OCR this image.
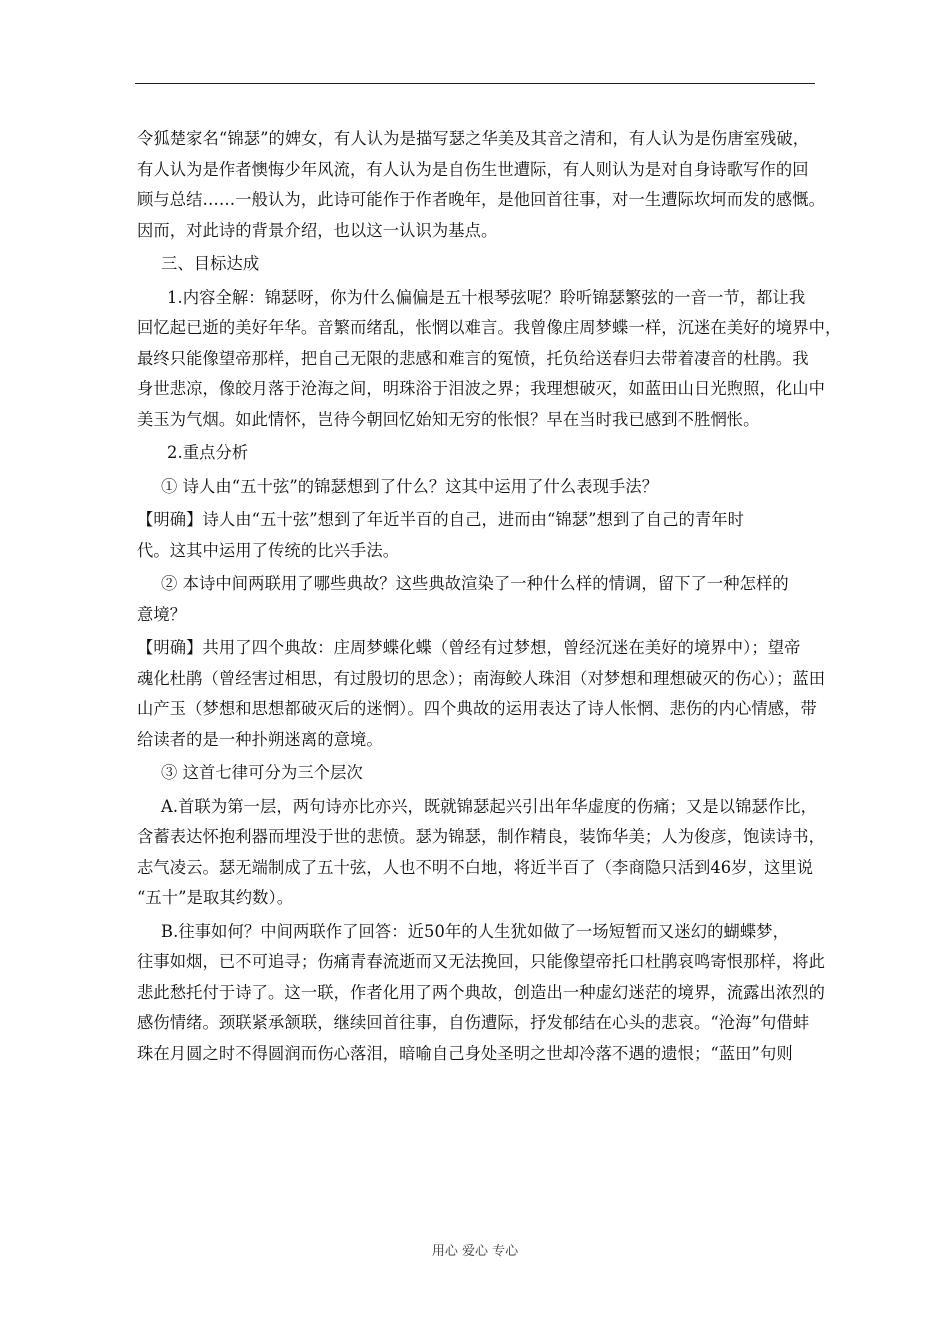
令狐楚家名“锦瑟”的婢女，有人认为是描写瑟之华美及其音之清和，有人认为是伤唐室残破，
有人认为是作者懊悔少年风流，有人认为是自伤生世遭际，有人则认为是对自身诗歌写作的回
顾与总结……一般认为，此诗可能作于作者晚年，是他回首往事，对一生遭际坎坷而发的感慨。
因而，对此诗的背景介绍，也以这一认识为基点。
三、目标达成
1.内容全解：锦瑟呀，你为什么偏偏是五十根琴弦呢？聆听锦瑟繁弦的一音一节，都让我
回忆起已逝的美好年华。音繁而绪乱，怅惘以难言。我曾像庄周梦蝶一样，沉迷在美好的境界中，
最终只能像望帝那样，把自己无限的悲感和难言的冤愤，托负给送春归去带着凄音的杜鹃。我
身世悲凉，像皎月落于沧海之间，明珠浴于泪波之界；我理想破灭，如蓝田山日光煦照，化山中
美玉为气烟。如此情怀，岂待今朝回忆始知无穷的怅恨？早在当时我已感到不胜惘怅。
2.重点分析
① 诗人由“五十弦”的锦瑟想到了什么？这其中运用了什么表现手法？
【明确】诗人由“五十弦”想到了年近半百的自己，进而由“锦瑟”想到了自己的青年时
代。这其中运用了传统的比兴手法。
② 本诗中间两联用了哪些典故？这些典故渲染了一种什么样的情调，留下了一种怎样的
意境？
【明确】共用了四个典故：庄周梦蝶化蝶（曾经有过梦想，曾经沉迷在美好的境界中）；望帝
魂化杜鹃（曾经害过相思，有过殷切的思念）；南海鲛人珠泪（对梦想和理想破灭的伤心）；蓝田
山产玉（梦想和思想都破灭后的迷惘）。四个典故的运用表达了诗人怅惘、悲伤的内心情感，带
给读者的是一种扑朔迷离的意境。
③ 这首七律可分为三个层次
A.首联为第一层，两句诗亦比亦兴，既就锦瑟起兴引出年华虚度的伤痛；又是以锦瑟作比，
含蓄表达怀抱利器而埋没于世的悲愤。瑟为锦瑟，制作精良，装饰华美；人为俊彦，饱读诗书，
志气凌云。瑟无端制成了五十弦，人也不明不白地，将近半百了（李商隐只活到46岁，这里说
“五十”是取其约数）。
B.往事如何？中间两联作了回答：近50年的人生犹如做了一场短暂而又迷幻的蝴蝶梦，
往事如烟，已不可追寻；伤痛青春流逝而又无法挽回，只能像望帝托口杜鹃哀鸣寄恨那样，将此
悲此愁托付于诗了。这一联，作者化用了两个典故，创造出一种虚幻迷茫的境界，流露出浓烈的
感伤情绪。颈联紧承颔联，继续回首往事，自伤遭际，抒发郁结在心头的悲哀。“沧海”句借蚌
珠在月圆之时不得圆润而伤心落泪，暗喻自己身处圣明之世却冷落不遇的遗恨；“蓝田”句则
用心 爱心 专心
